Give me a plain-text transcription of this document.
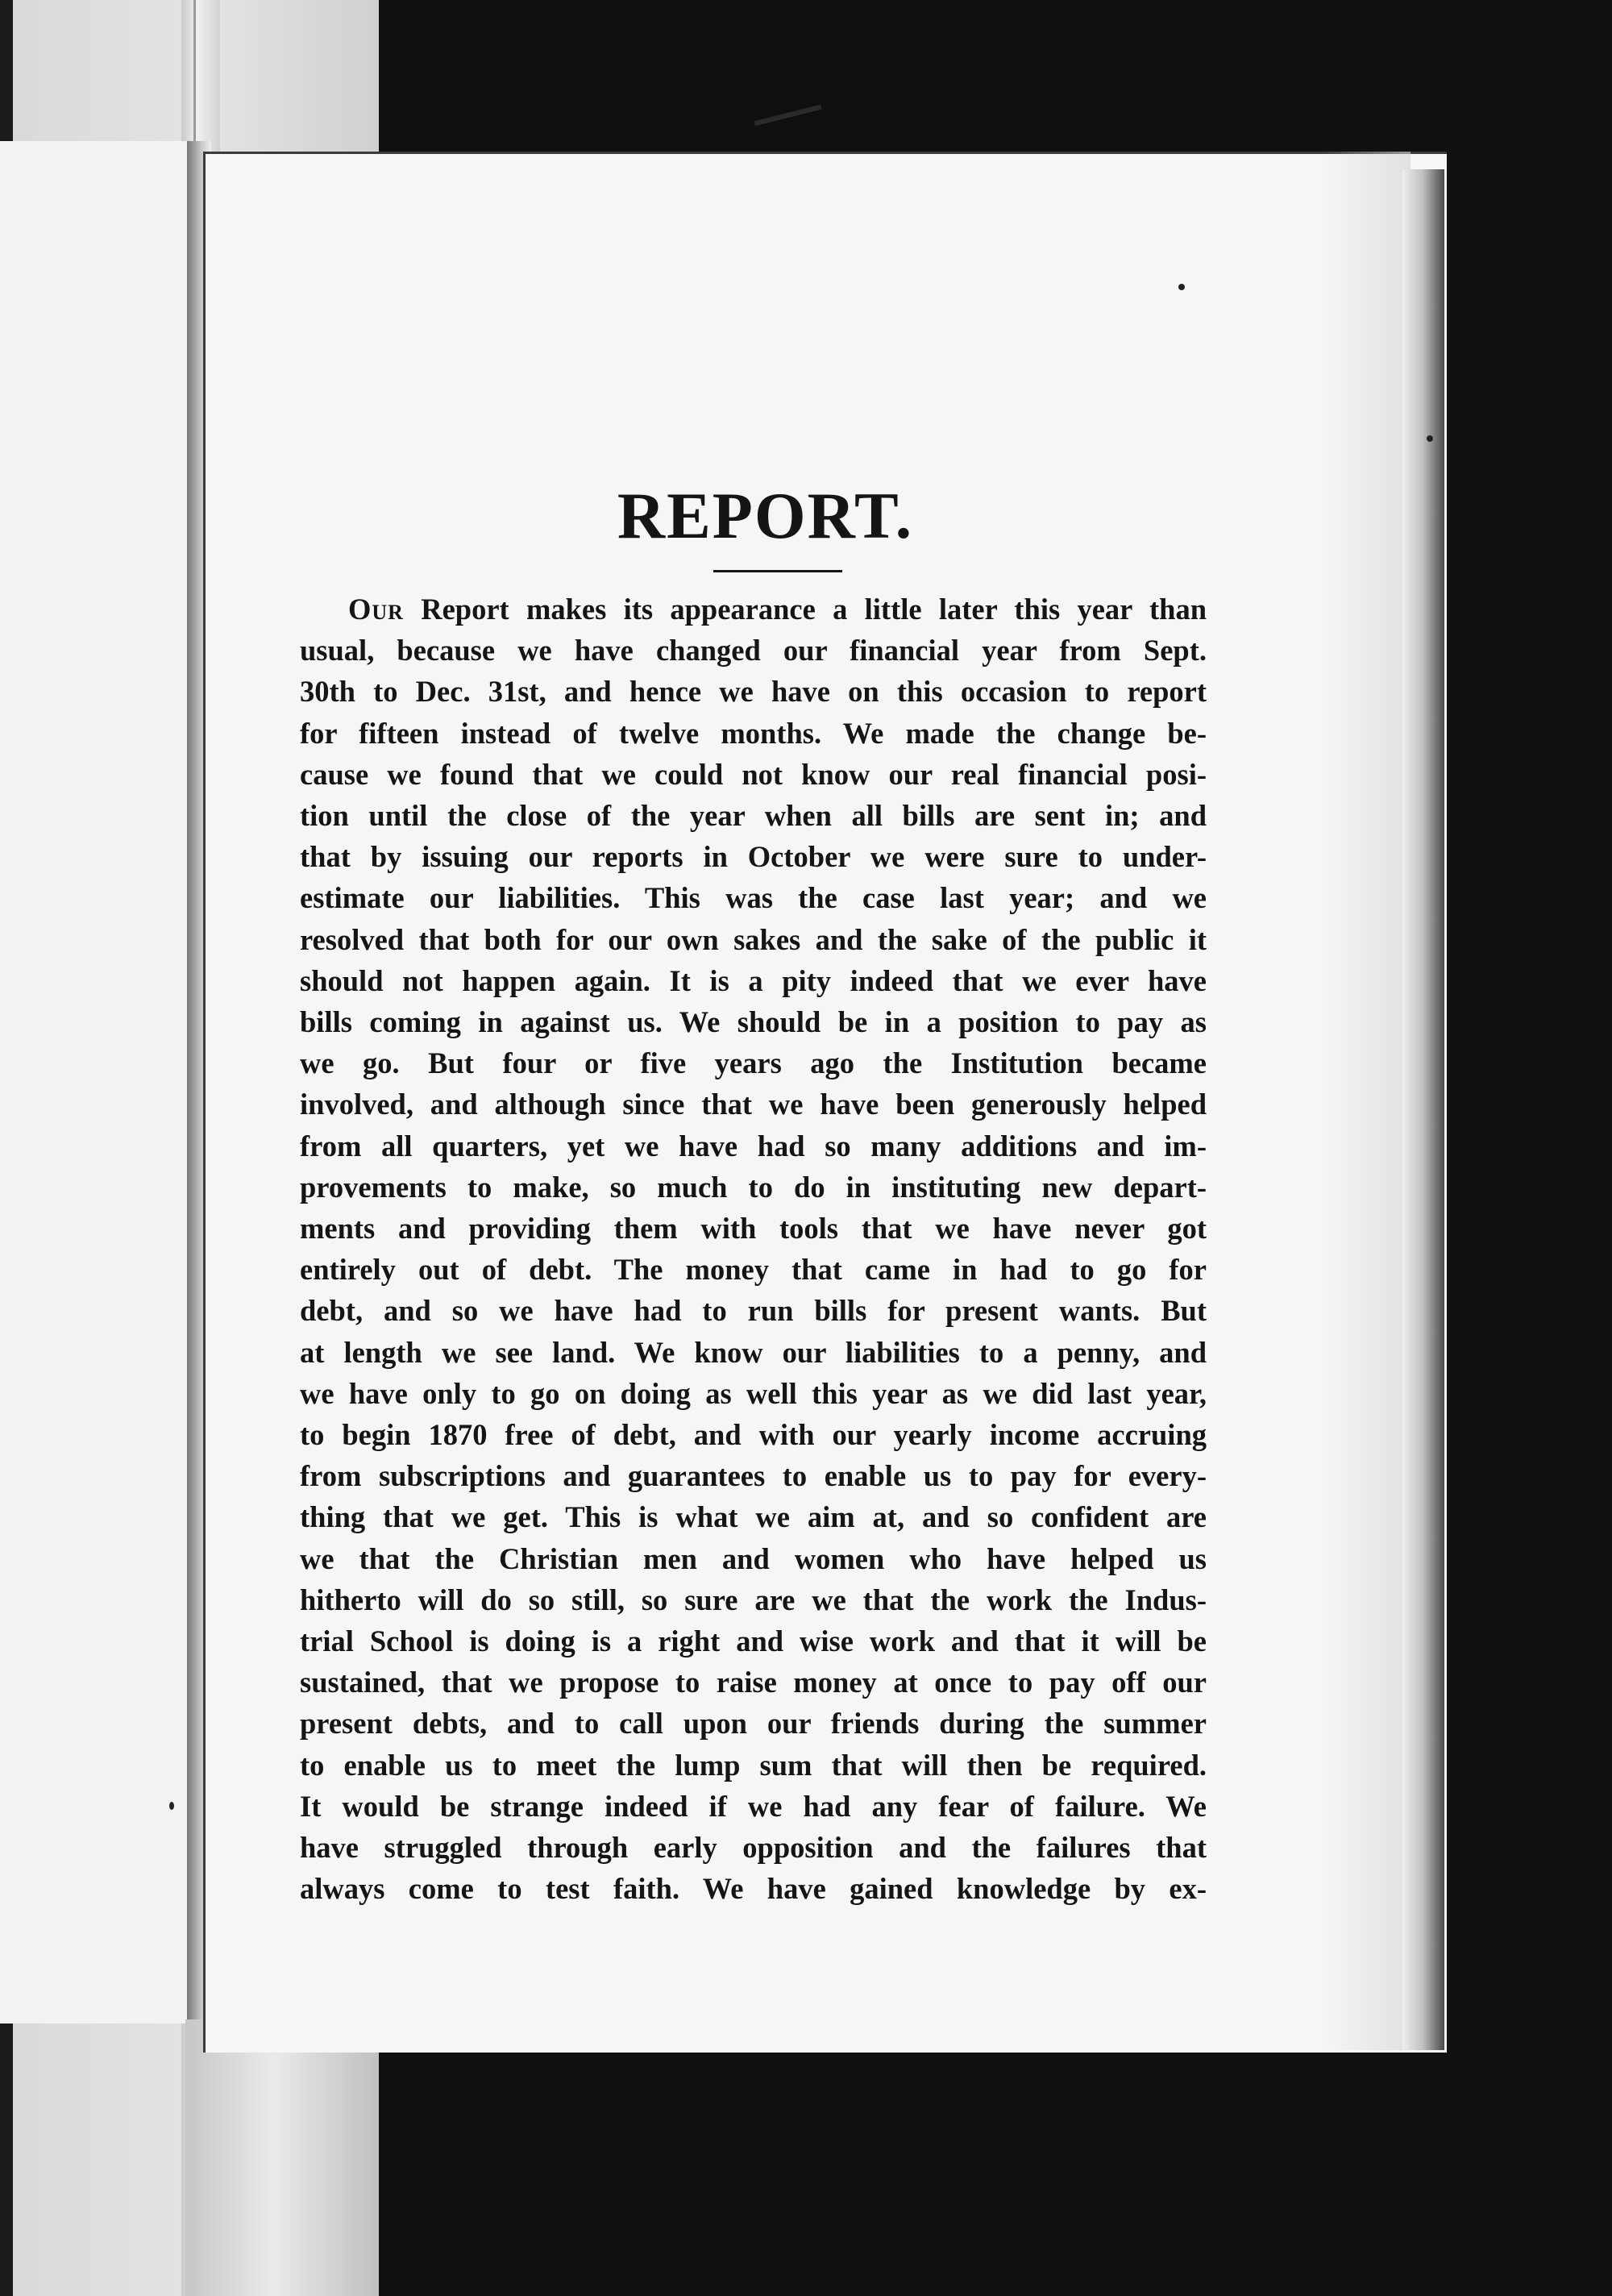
REPORT.
Our Report makes its appearance a little later this year than
usual, because we have changed our financial year from Sept.
30th to Dec. 31st, and hence we have on this occasion to report
for fifteen instead of twelve months. We made the change be-
cause we found that we could not know our real financial posi-
tion until the close of the year when all bills are sent in; and
that by issuing our reports in October we were sure to under-
estimate our liabilities. This was the case last year; and we
resolved that both for our own sakes and the sake of the public it
should not happen again. It is a pity indeed that we ever have
bills coming in against us. We should be in a position to pay as
we go. But four or five years ago the Institution became
involved, and although since that we have been generously helped
from all quarters, yet we have had so many additions and im-
provements to make, so much to do in instituting new depart-
ments and providing them with tools that we have never got
entirely out of debt. The money that came in had to go for
debt, and so we have had to run bills for present wants. But
at length we see land. We know our liabilities to a penny, and
we have only to go on doing as well this year as we did last year,
to begin 1870 free of debt, and with our yearly income accruing
from subscriptions and guarantees to enable us to pay for every-
thing that we get. This is what we aim at, and so confident are
we that the Christian men and women who have helped us
hitherto will do so still, so sure are we that the work the Indus-
trial School is doing is a right and wise work and that it will be
sustained, that we propose to raise money at once to pay off our
present debts, and to call upon our friends during the summer
to enable us to meet the lump sum that will then be required.
It would be strange indeed if we had any fear of failure. We
have struggled through early opposition and the failures that
always come to test faith. We have gained knowledge by ex-
